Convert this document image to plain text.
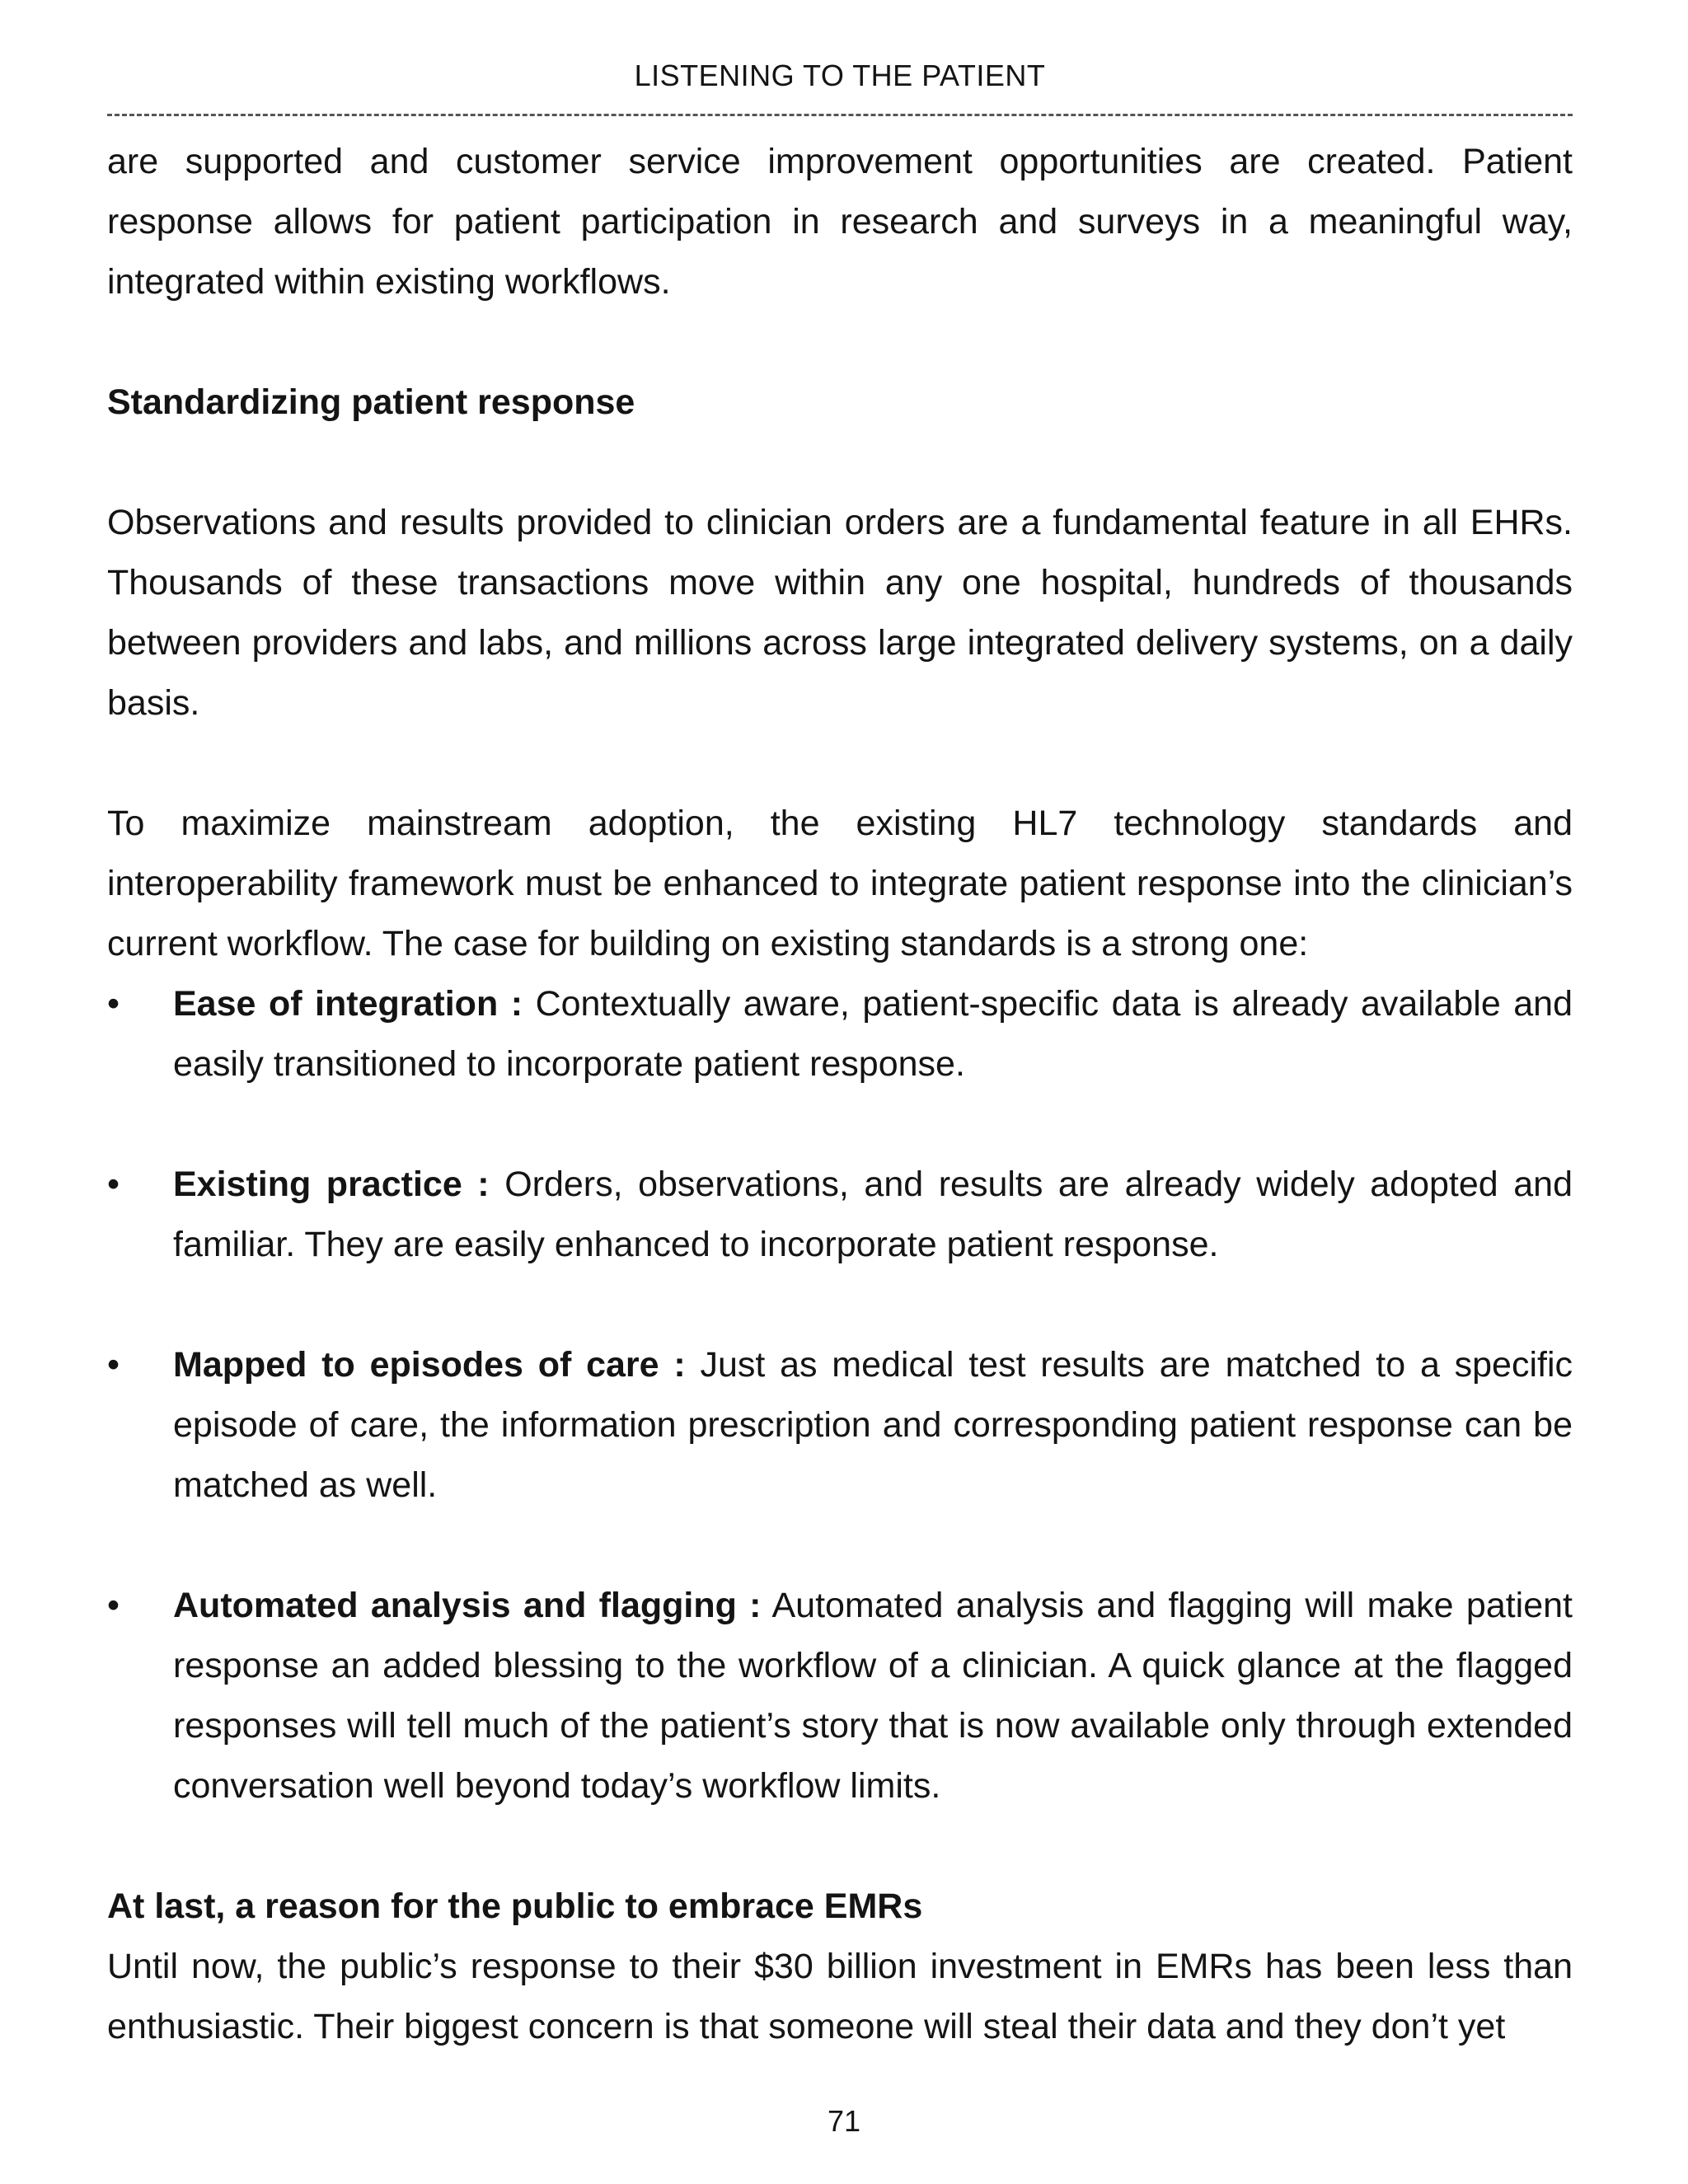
LISTENING TO THE PATIENT

are supported and customer service improvement opportunities are created. Patient response allows for patient participation in research and surveys in a meaningful way, integrated within existing workflows.

Standardizing patient response

Observations and results provided to clinician orders are a fundamental feature in all EHRs. Thousands of these transactions move within any one hospital, hundreds of thousands between providers and labs, and millions across large integrated delivery systems, on a daily basis.

To maximize mainstream adoption, the existing HL7 technology standards and interoperability framework must be enhanced to integrate patient response into the clinician’s current workflow. The case for building on existing standards is a strong one:

•	Ease of integration : Contextually aware, patient-specific data is already available and easily transitioned to incorporate patient response.
•	Existing practice : Orders, observations, and results are already widely adopted and familiar. They are easily enhanced to incorporate patient response.
•	Mapped to episodes of care : Just as medical test results are matched to a specific episode of care, the information prescription and corresponding patient response can be matched as well.
•	Automated analysis and flagging : Automated analysis and flagging will make patient response an added blessing to the workflow of a clinician. A quick glance at the flagged responses will tell much of the patient’s story that is now available only through extended conversation well beyond today’s workflow limits.
At last, a reason for the public to embrace EMRs

Until now, the public’s response to their $30 billion investment in EMRs has been less than enthusiastic. Their biggest concern is that someone will steal their data and they don’t yet

71
